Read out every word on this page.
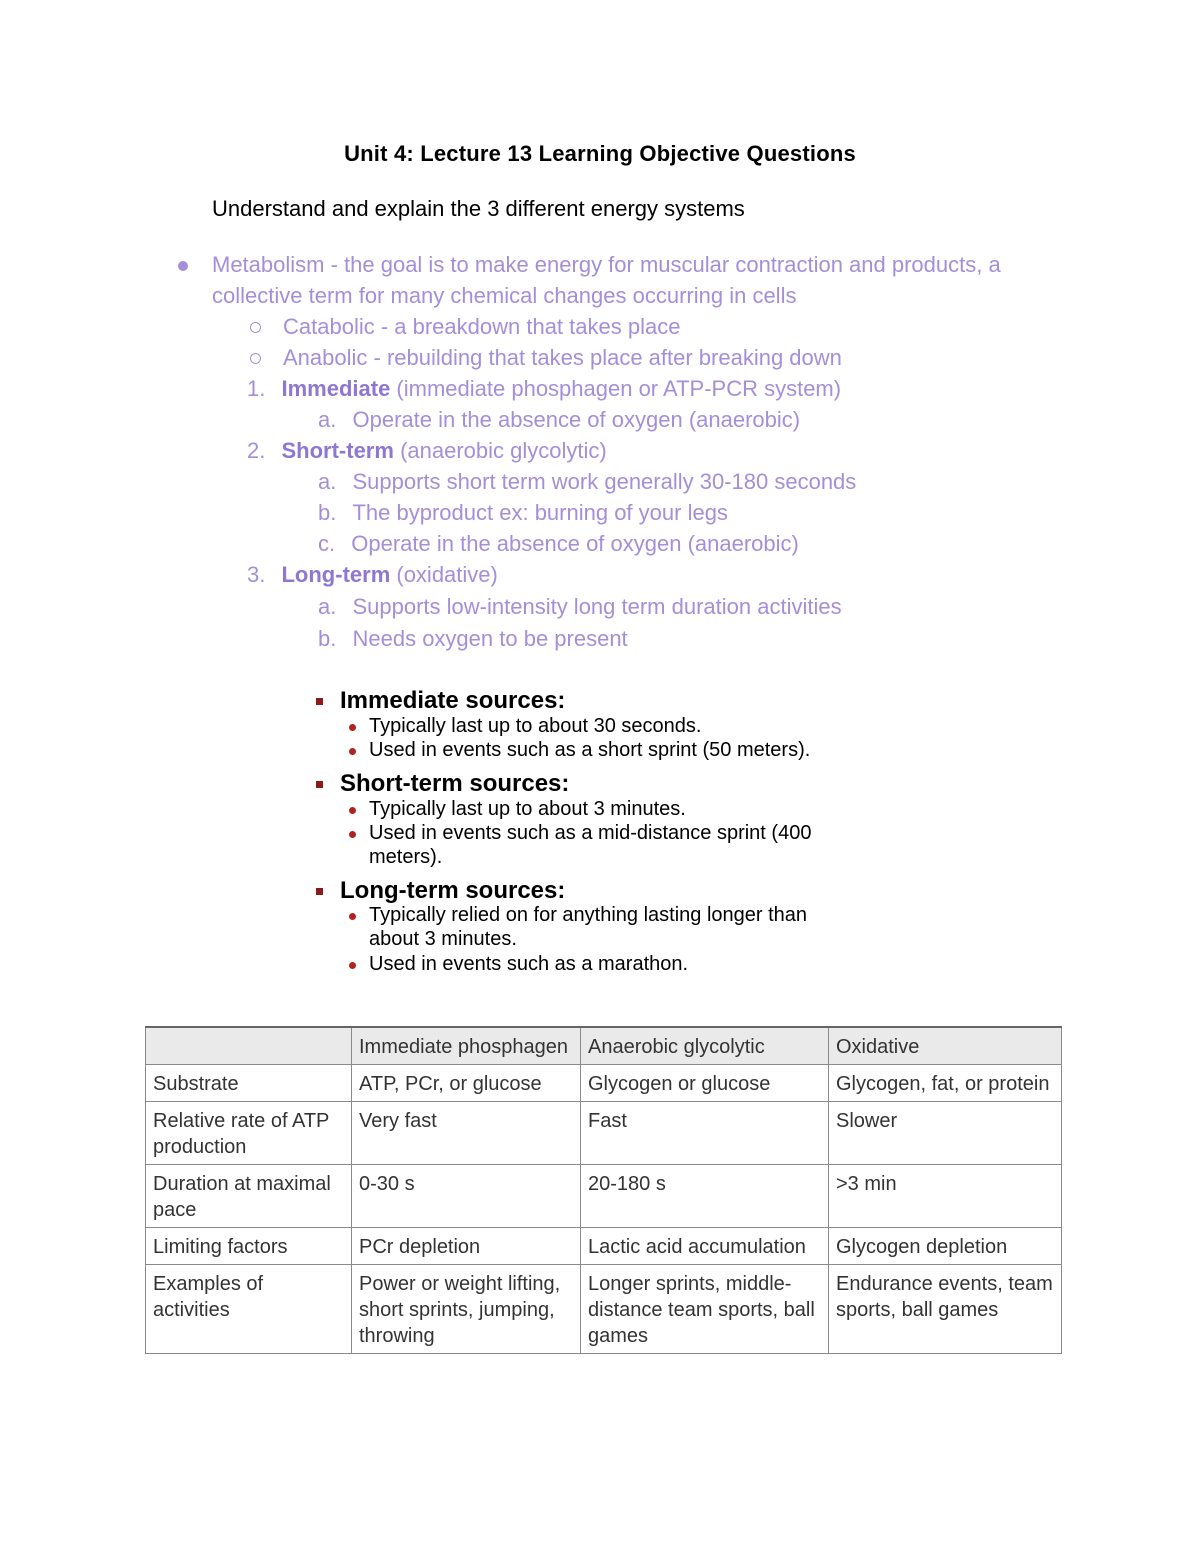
Unit 4: Lecture 13 Learning Objective Questions
Understand and explain the 3 different energy systems
Metabolism - the goal is to make energy for muscular contraction and products, a
collective term for many chemical changes occurring in cells
Catabolic - a breakdown that takes place
Anabolic - rebuilding that takes place after breaking down
1. Immediate (immediate phosphagen or ATP-PCR system)
a. Operate in the absence of oxygen (anaerobic)
2. Short-term (anaerobic glycolytic)
a. Supports short term work generally 30-180 seconds
b. The byproduct ex: burning of your legs
c. Operate in the absence of oxygen (anaerobic)
3. Long-term (oxidative)
a. Supports low-intensity long term duration activities
b. Needs oxygen to be present
Immediate sources:
Typically last up to about 30 seconds.
Used in events such as a short sprint (50 meters).
Short-term sources:
Typically last up to about 3 minutes.
Used in events such as a mid-distance sprint (400
meters).
Long-term sources:
Typically relied on for anything lasting longer than
about 3 minutes.
Used in events such as a marathon.
	Immediate phosphagen	Anaerobic glycolytic	Oxidative
Substrate	ATP, PCr, or glucose	Glycogen or glucose	Glycogen, fat, or protein
Relative rate of ATP production	Very fast	Fast	Slower
Duration at maximal pace	0-30 s	20-180 s	>3 min
Limiting factors	PCr depletion	Lactic acid accumulation	Glycogen depletion
Examples of activities	Power or weight lifting, short sprints, jumping, throwing	Longer sprints, middle-distance team sports, ball games	Endurance events, team sports, ball games
